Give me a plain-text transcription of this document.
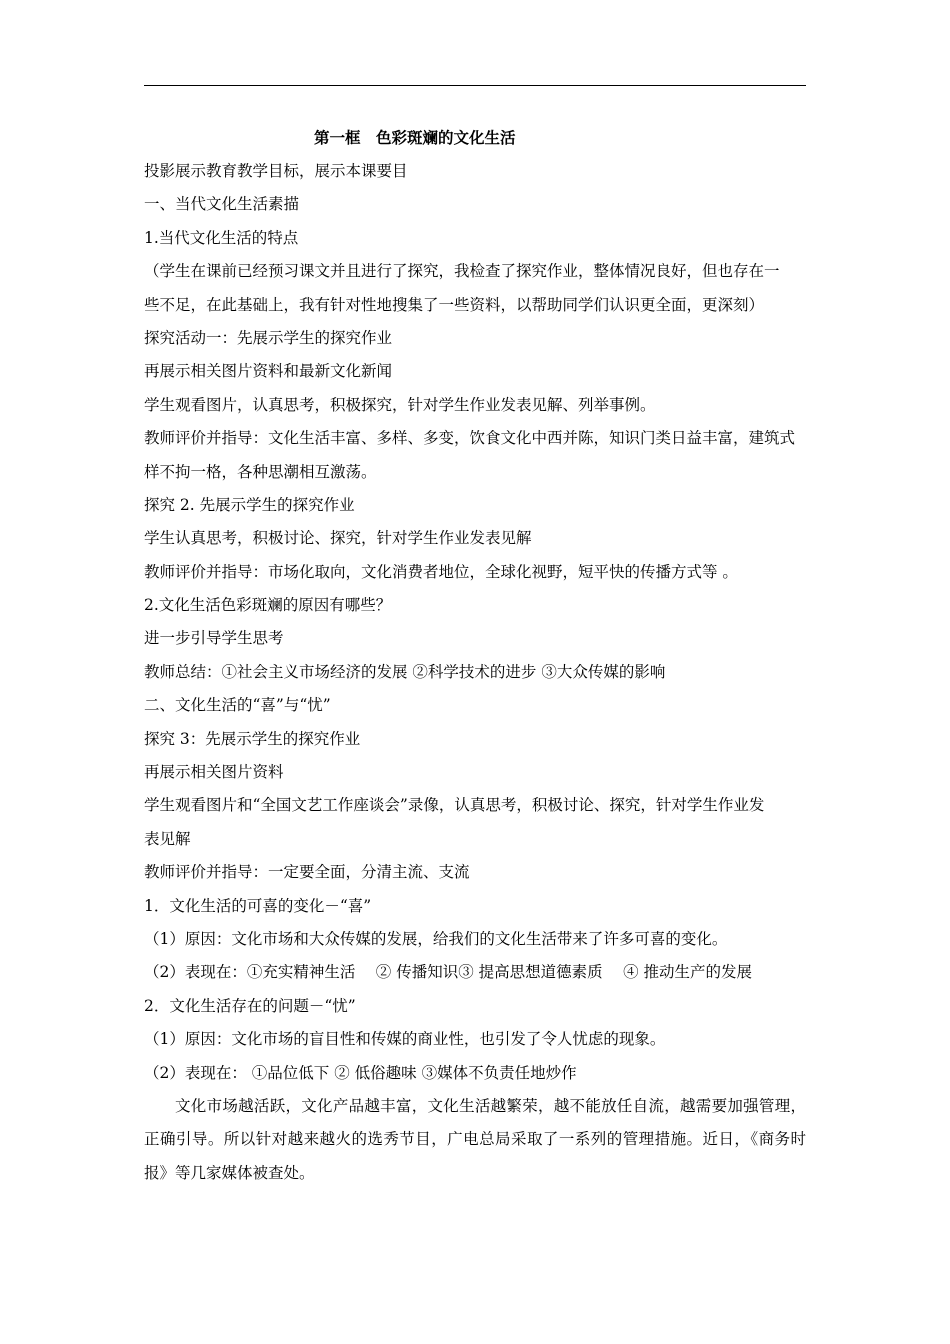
第一框　色彩斑斓的文化生活
投影展示教育教学目标，展示本课要目
一、当代文化生活素描
1.当代文化生活的特点
（学生在课前已经预习课文并且进行了探究，我检查了探究作业，整体情况良好，但也存在一
些不足，在此基础上，我有针对性地搜集了一些资料，以帮助同学们认识更全面，更深刻）
探究活动一：先展示学生的探究作业
再展示相关图片资料和最新文化新闻
学生观看图片，认真思考，积极探究，针对学生作业发表见解、列举事例。
教师评价并指导：文化生活丰富、多样、多变，饮食文化中西并陈，知识门类日益丰富，建筑式
样不拘一格，各种思潮相互激荡。
探究 2. 先展示学生的探究作业
学生认真思考，积极讨论、探究，针对学生作业发表见解
教师评价并指导：市场化取向，文化消费者地位，全球化视野，短平快的传播方式等 。
2.文化生活色彩斑斓的原因有哪些？
进一步引导学生思考
教师总结：①社会主义市场经济的发展 ②科学技术的进步 ③大众传媒的影响
二、文化生活的“喜”与“忧”
探究 3：先展示学生的探究作业
再展示相关图片资料
学生观看图片和“全国文艺工作座谈会”录像，认真思考，积极讨论、探究，针对学生作业发
表见解
教师评价并指导：一定要全面，分清主流、支流
1．文化生活的可喜的变化－“喜”
（1）原因：文化市场和大众传媒的发展，给我们的文化生活带来了许多可喜的变化。
（2）表现在：①充实精神生活　 ② 传播知识③ 提高思想道德素质　 ④ 推动生产的发展
2．文化生活存在的问题－“忧”
（1）原因：文化市场的盲目性和传媒的商业性，也引发了令人忧虑的现象。
（2）表现在： ①品位低下 ② 低俗趣味 ③媒体不负责任地炒作
文化市场越活跃，文化产品越丰富，文化生活越繁荣，越不能放任自流，越需要加强管理，正确引导。所以针对越来越火的选秀节目，广电总局采取了一系列的管理措施。近日，《商务时报》等几家媒体被查处。
